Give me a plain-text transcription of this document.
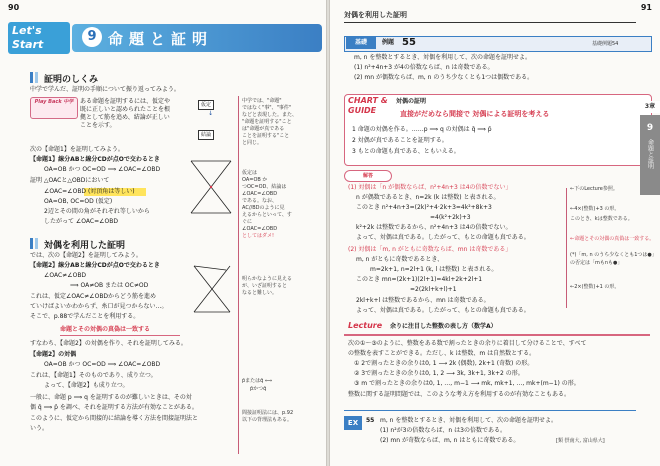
90
Let's Start
9 命題と証明
証明のしくみ
中学で学んだ、証明の手順について振り返ってみよう。
Play Back 中学	ある命題を証明するには、仮定や
既に正しいと認められたことを根
拠として筋を追め、結論が正しい
ことを示す。
仮定
結論
↓
中学では、"命題"
ではなく"事"、"事件"
などと表現した。また、
"命題を証明する"こと
は"命題が真である
ことを証明する"こと
と同じ。
次の【命題1】を証明してみよう。
【命題1】線分ABと線分CDが点Oで交わるとき
OA=OB かつ OC=OD ⟹ ∠OAC=∠OBD
証明 △OACと△OBDにおいて
∠OAC=∠OBD (対頂角は等しい)
OA=OB, OC=OD (仮定)
2辺とその間の角がそれぞれ等しいから
したがって ∠OAC=∠OBD
仮定は
OA=OB か
つOC=OD、結論は
∠OAC=∠OBD
である。なお、
AC//BDのように見
えるからといって、す
ぐに
∠OAC=∠OBD
としてはダメ!
対偶を利用した証明
では、次の【命題2】を証明してみよう。
【命題2】線分ABと線分CDが点Oで交わるとき
∠OAC≠∠OBD
⟹ OA≠OB または OC≠OD
これは、仮定∠OAC≠∠OBDからどう筋を進め
ていけばよいかわからず、糸口が見つからない…。
そこで、p.88で学んだことを利用する。
明らかなように見える
が、いざ証明すると
なると難しい。
命題とその対偶の真偽は一致する
すなわち、【命題2】の対偶を作り、それを証明してみる。
【命題2】の対偶
OA=OB かつ OC=OD ⟹ ∠OAC=∠OBD
これは、【命題1】そのものであり、成り立つ。
よって、【命題2】も成り立つ。
一般に、命題 p ⟹ q を証明するのが難しいときは、その対
偶 q̄ ⟹ p̄ を調べ、それを証明する方法が有効なことがある。
このように、仮定から間接的に結論を導く方法を間接証明法と
いう。
p̄またはq̄ ⟺
p̄かつq̄
間接証明法には、p.92
以下の背理法もある。
91
対偶を利用した証明
基礎	例題 55	基礎例題54
m, n を整数とするとき、対偶を利用して、次の命題を証明せよ。
(1) n²+4n+3 が4の倍数ならば、n は奇数である。
(2) mn が偶数ならば、m, n のうち少なくとも1つは偶数である。
CHART & GUIDE
対偶の証明
直接がだめなら間接で 対偶による証明を考える
1 命題の対偶を作る。……p ⟹ q の対偶は q̄ ⟹ p̄
2 対偶が真であることを証明する。
3 もとの命題も真である、ともいえる。
3章
9
命題と証明
解答
(1) 対偶は「n が偶数ならば、n²+4n+3 は4の倍数でない」
n が偶数であるとき、n=2k (k は整数) と表される。
このとき n²+4n+3=(2k)²+4·2k+3=4k²+8k+3
=4(k²+2k)+3
k²+2k は整数であるから、n²+4n+3 は4の倍数でない。
よって、対偶は真である。したがって、もとの命題も真である。
(2) 対偶は「m, n がともに奇数ならば、mn は奇数である」
m, n がともに奇数であるとき、
m=2k+1, n=2l+1 (k, l は整数) と表される。
このとき mn=(2k+1)(2l+1)=4kl+2k+2l+1
=2(2kl+k+l)+1
2kl+k+l は整数であるから、mn は奇数である。
よって、対偶は真である。したがって、もとの命題も真である。
←下のLecture参照。
←4×(整数)+3 の形。
このとき、kは整数である。
←命題とその対偶の真偽は一致する。
(*)「m, n のうち少なくとも1つは●」
の否定は「mもnも●」
←2×(整数)+1 の形。
Lecture 余りに注目した整数の表し方（数学A）
次の①～③のように、整数をある数で割ったときの余りに着目して分けることで、すべて
の整数を表すことができる。ただし、k は整数、m は自然数とする。
① 2で割ったときの余りは0, 1 ⟶ 2k (偶数), 2k+1 (奇数) の形。
② 3で割ったときの余りは0, 1, 2 ⟶ 3k, 3k+1, 3k+2 の形。
③ m で割ったときの余りは0, 1, …, m−1 ⟶ mk, mk+1, …, mk+(m−1) の形。
整数に関する証明問題では、このような考え方を利用するのが有効なこともある。
EX	55 m, n を整数とするとき、対偶を利用して、次の命題を証明せよ。
(1) n²が3の倍数ならば、n は3の倍数である。
(2) mn が奇数ならば、m, n はともに奇数である。	[類 摂南大, 富山県大]
